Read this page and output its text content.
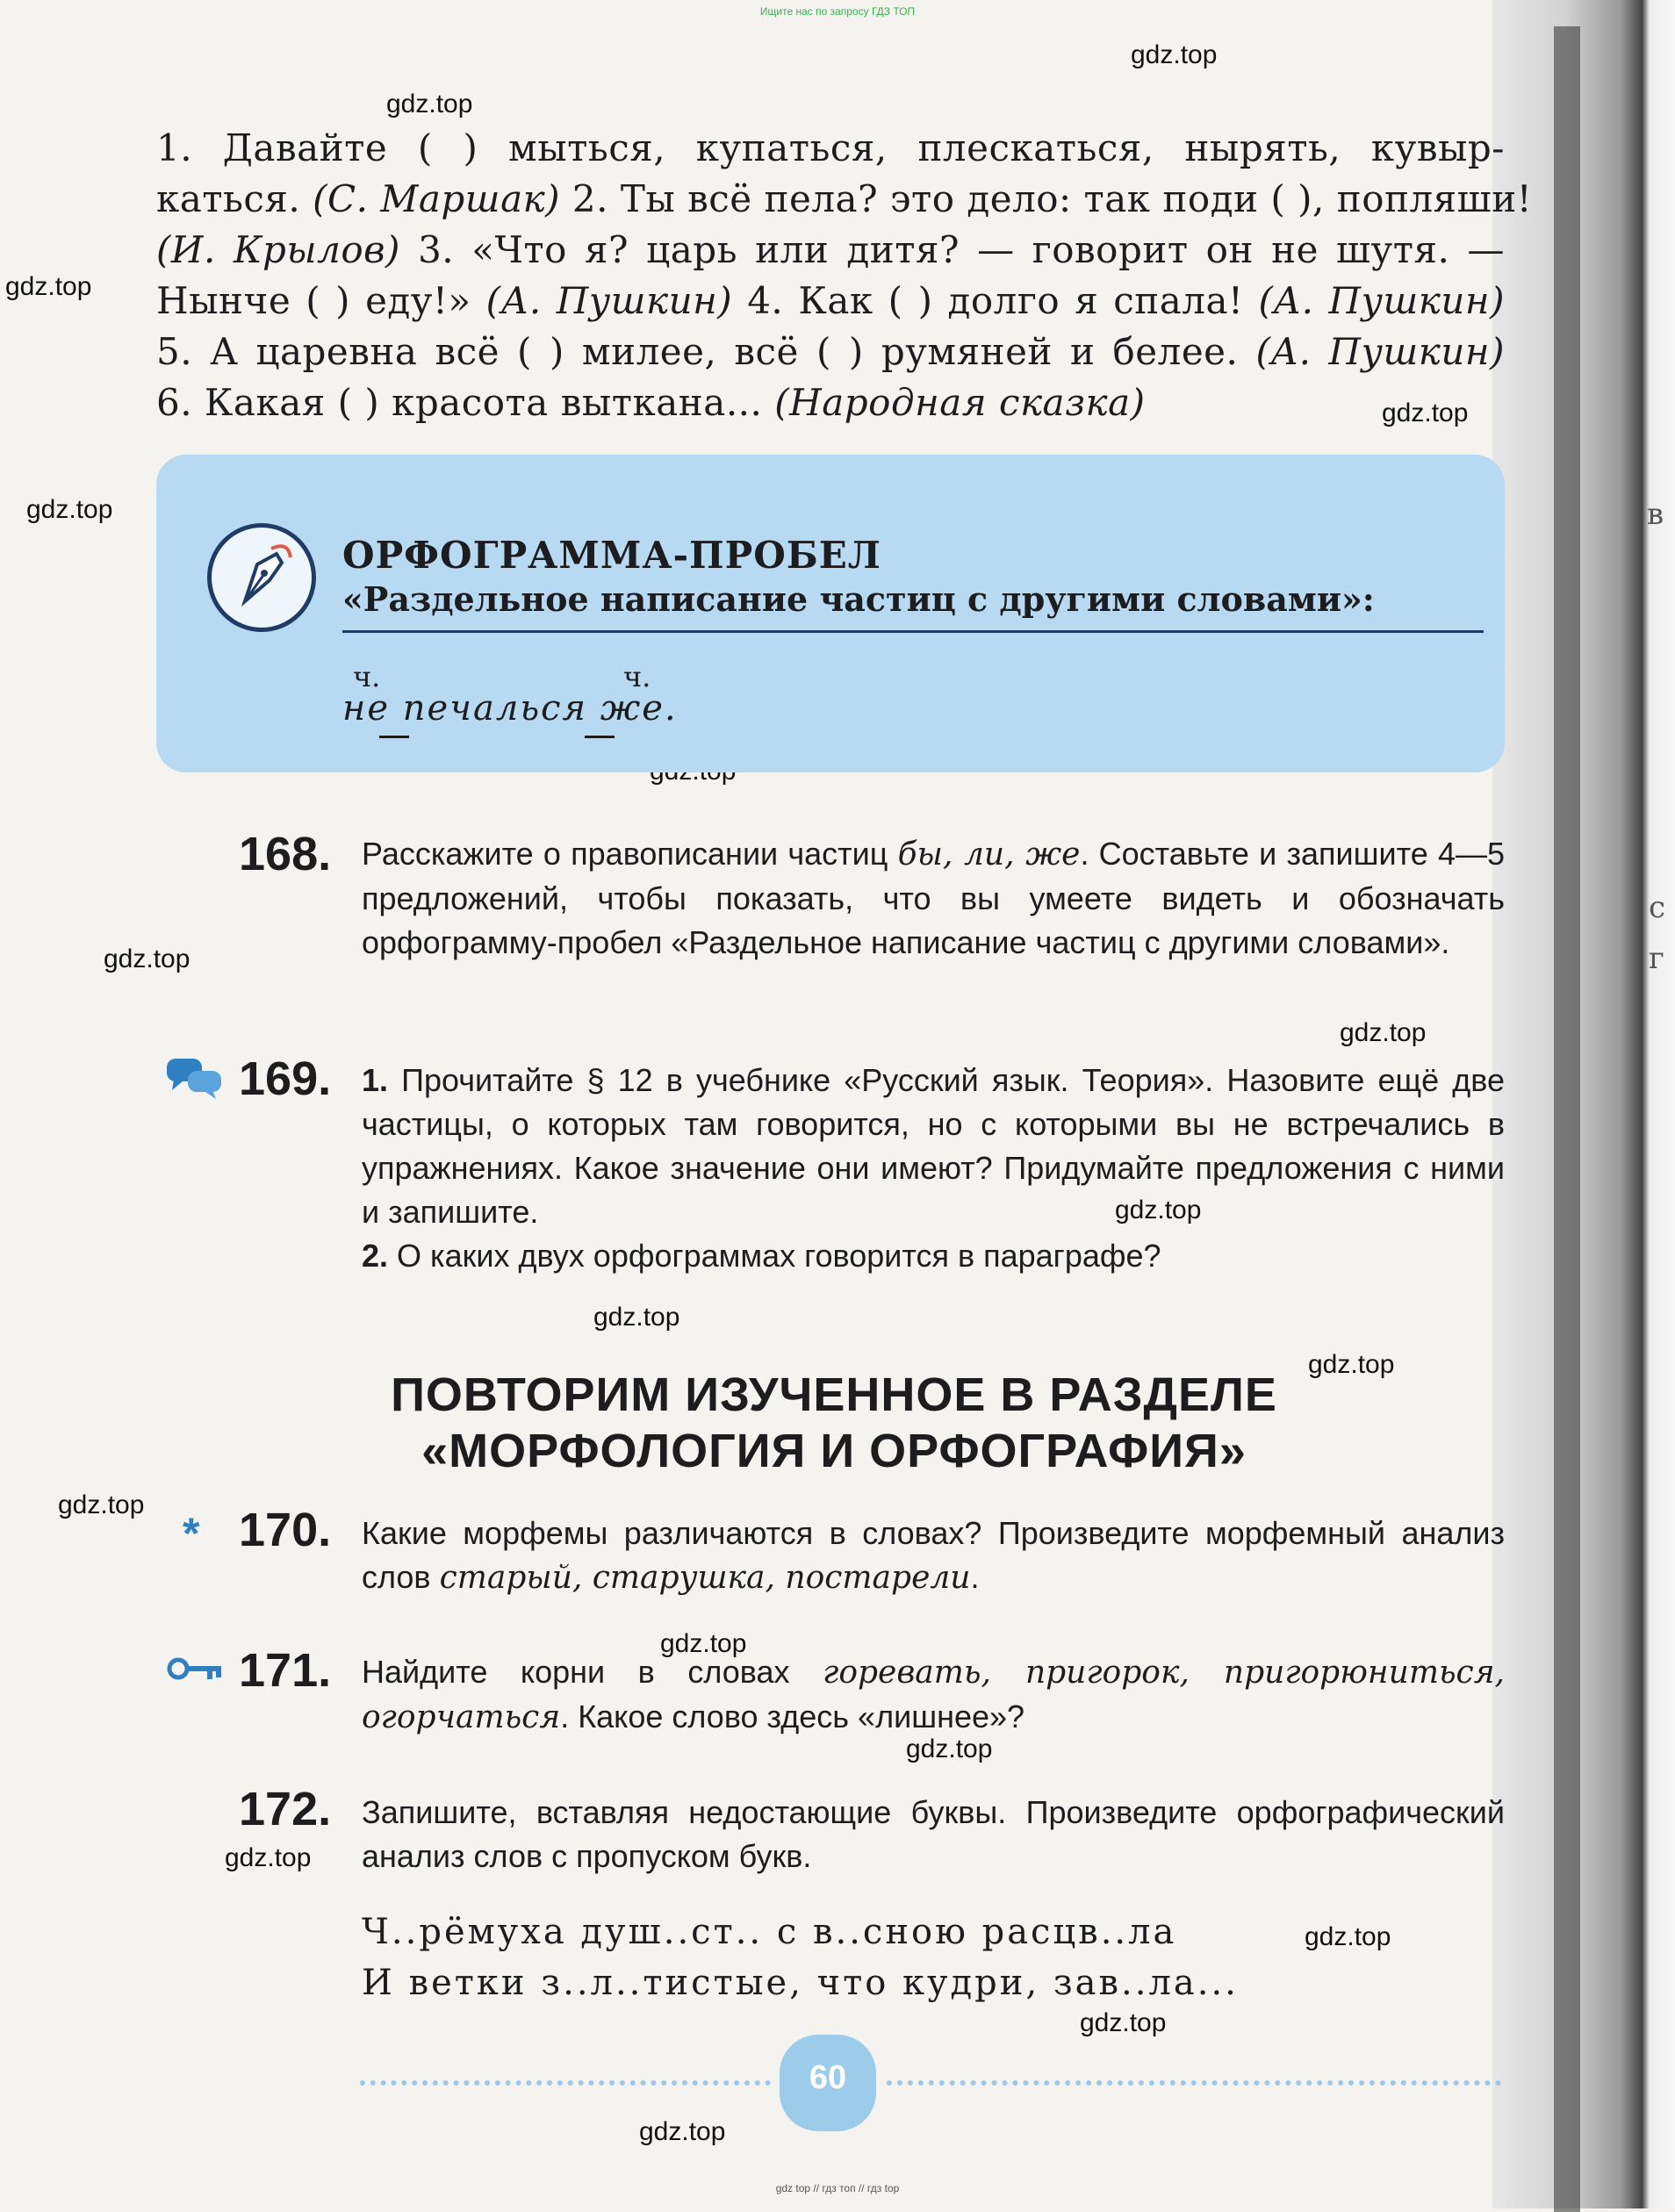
в
с
г
Ищите нас по запросу ГДЗ ТОП
gdz.top
gdz.top
gdz.top
gdz.top
gdz.top
gdz.top
gdz.top
gdz.top
gdz.top
gdz.top
gdz.top
gdz.top
gdz.top
gdz.top
gdz.top
gdz.top
gdz.top
1. Давайте ( ) мыться, купаться, плескаться, нырять, кувыр-
каться. (С. Маршак) 2. Ты всё пела? это дело: так поди ( ), попляши!
(И. Крылов) 3. «Что я? царь или дитя? — говорит он не шутя. —
Нынче ( ) еду!» (А. Пушкин) 4. Как ( ) долго я спала! (А. Пушкин)
5. А царевна всё ( ) милее, всё ( ) румяней и белее. (А. Пушкин)
6. Какая ( ) красота выткана... (Народная сказка)
ОРФОГРАММА-ПРОБЕЛ
«Раздельное написание частиц с другими словами»:
ч.	ч.
не печалься же.
168. Расскажите о правописании частиц бы, ли, же. Составьте и запишите 4—5 предложений, чтобы показать, что вы умеете видеть и обозначать орфограмму-пробел «Раздельное написание частиц с другими словами».
169. 1. Прочитайте § 12 в учебнике «Русский язык. Теория». Назовите ещё две частицы, о которых там говорится, но с которыми вы не встречались в упражнениях. Какое значение они имеют? Придумайте предложения с ними и запишите.
2. О каких двух орфограммах говорится в параграфе?
ПОВТОРИМ ИЗУЧЕННОЕ В РАЗДЕЛЕ
«МОРФОЛОГИЯ И ОРФОГРАФИЯ»
* 170. Какие морфемы различаются в словах? Произведите морфемный анализ слов старый, старушка, постарели.
171. Найдите корни в словах горевать, пригорок, пригорюниться, огорчаться. Какое слово здесь «лишнее»?
172. Запишите, вставляя недостающие буквы. Произведите орфографический анализ слов с пропуском букв.
Ч..рёмуха душ..ст.. с в..сною расцв..ла
И ветки з..л..тистые, что кудри, зав..ла...
60
gdz top // гдз топ // гдз top
